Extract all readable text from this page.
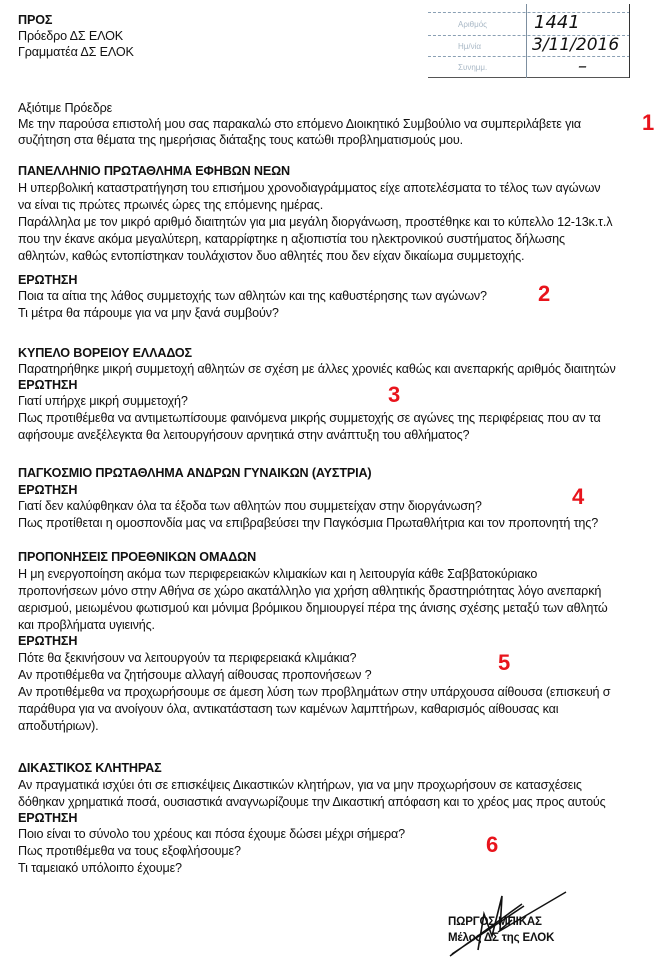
ΠΡΟΣ
Πρόεδρο ΔΣ ΕΛΟΚ
Γραμματέα ΔΣ ΕΛΟΚ
Αριθμός
Ημ/νία
Συνημμ.
1441
3/11/2016
–
Αξιότιμε Πρόεδρε
Με την παρούσα επιστολή μου σας παρακαλώ στο επόμενο Διοικητικό Συμβούλιο να συμπεριλάβετε για
συζήτηση στα θέματα της ημερήσιας διάταξης τους κατώθι προβληματισμούς μου.
ΠΑΝΕΛΛΗΝΙΟ ΠΡΩΤΑΘΛΗΜΑ ΕΦΗΒΩΝ ΝΕΩΝ
Η υπερβολική καταστρατήγηση του επισήμου χρονοδιαγράμματος είχε αποτελέσματα το τέλος των αγώνων
να είναι τις πρώτες πρωινές ώρες της επόμενης ημέρας.
Παράλληλα με τον μικρό αριθμό διαιτητών για μια μεγάλη διοργάνωση, προστέθηκε και το κύπελλο 12-13κ.τ.λ
που την έκανε ακόμα μεγαλύτερη, καταρρίφτηκε η αξιοπιστία του ηλεκτρονικού συστήματος δήλωσης
αθλητών, καθώς εντοπίστηκαν τουλάχιστον δυο αθλητές που δεν είχαν δικαίωμα συμμετοχής.
ΕΡΩΤΗΣΗ
Ποια τα αίτια της λάθος συμμετοχής των αθλητών και της καθυστέρησης των αγώνων?
Τι μέτρα θα πάρουμε για να μην ξανά συμβούν?
ΚΥΠΕΛΟ ΒΟΡΕΙΟΥ ΕΛΛΑΔΟΣ
Παρατηρήθηκε μικρή συμμετοχή αθλητών σε σχέση με άλλες χρονιές καθώς και ανεπαρκής αριθμός διαιτητών
ΕΡΩΤΗΣΗ
Γιατί υπήρχε μικρή συμμετοχή?
Πως προτιθέμεθα να αντιμετωπίσουμε φαινόμενα μικρής συμμετοχής σε αγώνες της περιφέρειας που αν τα
αφήσουμε ανεξέλεγκτα θα λειτουργήσουν αρνητικά στην ανάπτυξη του αθλήματος?
ΠΑΓΚΟΣΜΙΟ ΠΡΩΤΑΘΛΗΜΑ ΑΝΔΡΩΝ ΓΥΝΑΙΚΩΝ (ΑΥΣΤΡΙΑ)
ΕΡΩΤΗΣΗ
Γιατί δεν καλύφθηκαν όλα τα έξοδα των αθλητών που συμμετείχαν στην διοργάνωση?
Πως προτίθεται η ομοσπονδία μας να επιβραβεύσει την Παγκόσμια Πρωταθλήτρια και τον προπονητή της?
ΠΡΟΠΟΝΗΣΕΙΣ ΠΡΟΕΘΝΙΚΩΝ ΟΜΑΔΩΝ
Η μη ενεργοποίηση ακόμα των περιφερειακών κλιμακίων και η λειτουργία κάθε Σαββατοκύριακο
προπονήσεων μόνο στην Αθήνα σε χώρο ακατάλληλο για χρήση αθλητικής δραστηριότητας λόγο ανεπαρκή
αερισμού, μειωμένου φωτισμού και μόνιμα βρόμικου δημιουργεί πέρα της άνισης σχέσης μεταξύ των αθλητώ
και προβλήματα υγιεινής.
ΕΡΩΤΗΣΗ
Πότε θα ξεκινήσουν να λειτουργούν τα περιφερειακά κλιμάκια?
Αν προτιθέμεθα να ζητήσουμε αλλαγή αίθουσας προπονήσεων ?
Αν προτιθέμεθα να προχωρήσουμε σε άμεση λύση των προβλημάτων στην υπάρχουσα αίθουσα (επισκευή σ
παράθυρα για να ανοίγουν όλα, αντικατάσταση των καμένων λαμπτήρων, καθαρισμός αίθουσας και
αποδυτήριων).
ΔΙΚΑΣΤΙΚΟΣ ΚΛΗΤΗΡΑΣ
Αν πραγματικά ισχύει ότι σε επισκέψεις Δικαστικών κλητήρων, για να μην προχωρήσουν σε κατασχέσεις
δόθηκαν χρηματικά ποσά, ουσιαστικά αναγνωρίζουμε την Δικαστική απόφαση και το χρέος μας προς αυτούς
ΕΡΩΤΗΣΗ
Ποιο είναι το σύνολο του χρέους και πόσα έχουμε δώσει μέχρι σήμερα?
Πως προτιθέμεθα να τους εξοφλήσουμε?
Τι ταμειακό υπόλοιπο έχουμε?
1
2
3
4
5
6
ΠΩΡΓΟΣ ΜΠΙΚΑΣ
Μέλος ΔΣ της ΕΛΟΚ
